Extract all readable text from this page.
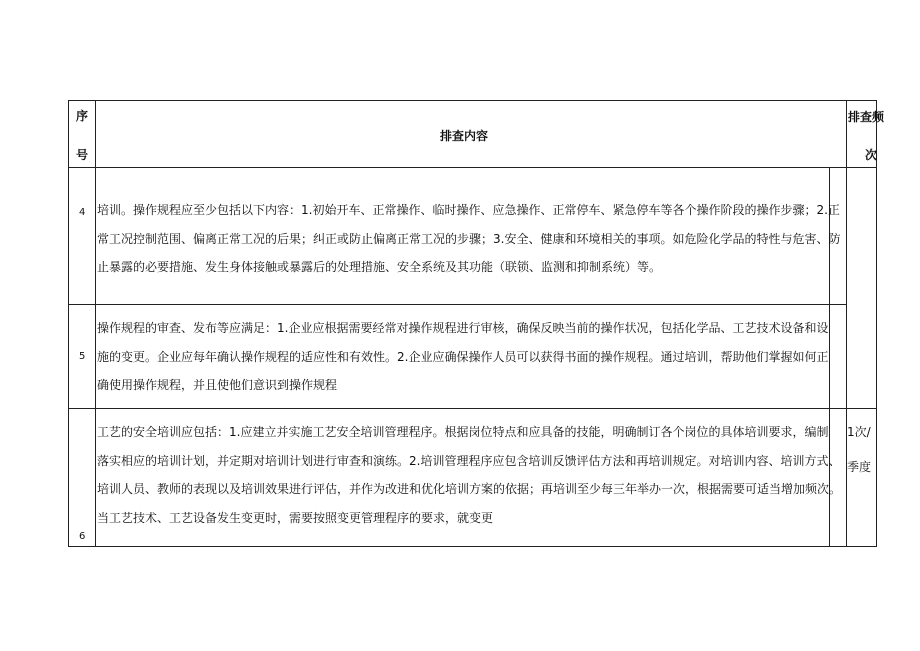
序
号
排查内容
排查频
次
4 培训。操作规程应至少包括以下内容：1.初始开车、正常操作、临时操作、应急操作、正常停车、紧急停车等各个操作阶段的操作步骤；2.正
常工况控制范围、偏离正常工况的后果；纠正或防止偏离正常工况的步骤；3.安全、健康和环境相关的事项。如危险化学品的特性与危害、防
止暴露的必要措施、发生身体接触或暴露后的处理措施、安全系统及其功能（联锁、监测和抑制系统）等。
5
操作规程的审查、发布等应满足：1.企业应根据需要经常对操作规程进行审核，确保反映当前的操作状况，包括化学品、工艺技术设备和设
施的变更。企业应每年确认操作规程的适应性和有效性。2.企业应确保操作人员可以获得书面的操作规程。通过培训，帮助他们掌握如何正
确使用操作规程，并且使他们意识到操作规程
6
工艺的安全培训应包括：1.应建立并实施工艺安全培训管理程序。根据岗位特点和应具备的技能，明确制订各个岗位的具体培训要求，编制
落实相应的培训计划，并定期对培训计划进行审查和演练。2.培训管理程序应包含培训反馈评估方法和再培训规定。对培训内容、培训方式、
培训人员、教师的表现以及培训效果进行评估，并作为改进和优化培训方案的依据；再培训至少每三年举办一次，根据需要可适当增加频次。
当工艺技术、工艺设备发生变更时，需要按照变更管理程序的要求，就变更
1次/
季度
